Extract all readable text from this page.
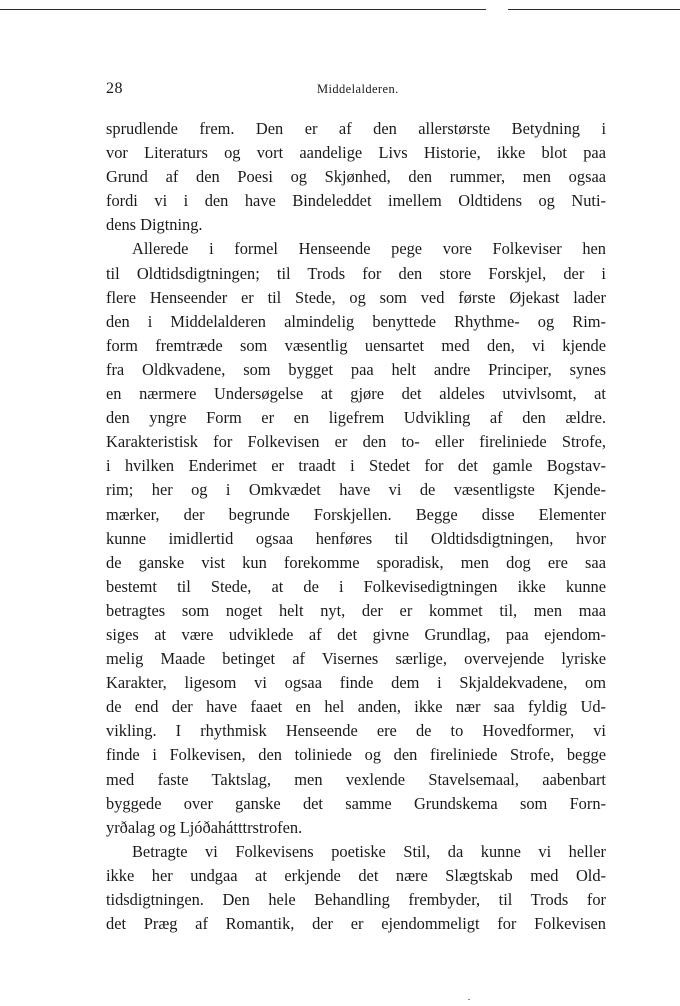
28	Middelalderen.
sprudlende frem. Den er af den allerstørste Betydning i
vor Literaturs og vort aandelige Livs Historie, ikke blot paa
Grund af den Poesi og Skjønhed, den rummer, men ogsaa
fordi vi i den have Bindeleddet imellem Oldtidens og Nuti-
dens Digtning.
Allerede i formel Henseende pege vore Folkeviser hen
til Oldtidsdigtningen; til Trods for den store Forskjel, der i
flere Henseender er til Stede, og som ved første Øjekast lader
den i Middelalderen almindelig benyttede Rhythme- og Rim-
form fremtræde som væsentlig uensartet med den, vi kjende
fra Oldkvadene, som bygget paa helt andre Principer, synes
en nærmere Undersøgelse at gjøre det aldeles utvivlsomt, at
den yngre Form er en ligefrem Udvikling af den ældre.
Karakteristisk for Folkevisen er den to- eller fireliniede Strofe,
i hvilken Enderimet er traadt i Stedet for det gamle Bogstav-
rim; her og i Omkvædet have vi de væsentligste Kjende-
mærker, der begrunde Forskjellen. Begge disse Elementer
kunne imidlertid ogsaa henføres til Oldtidsdigtningen, hvor
de ganske vist kun forekomme sporadisk, men dog ere saa
bestemt til Stede, at de i Folkevisedigtningen ikke kunne
betragtes som noget helt nyt, der er kommet til, men maa
siges at være udviklede af det givne Grundlag, paa ejendom-
melig Maade betinget af Visernes særlige, overvejende lyriske
Karakter, ligesom vi ogsaa finde dem i Skjaldekvadene, om
de end der have faaet en hel anden, ikke nær saa fyldig Ud-
vikling. I rhythmisk Henseende ere de to Hovedformer, vi
finde i Folkevisen, den toliniede og den fireliniede Strofe, begge
med faste Taktslag, men vexlende Stavelsemaal, aabenbart
byggede over ganske det samme Grundskema som Forn-
yrðalag og Ljóðahátttrstrofen.
Betragte vi Folkevisens poetiske Stil, da kunne vi heller
ikke her undgaa at erkjende det nære Slægtskab med Old-
tidsdigtningen. Den hele Behandling frembyder, til Trods for
det Præg af Romantik, der er ejendommeligt for Folkevisen
